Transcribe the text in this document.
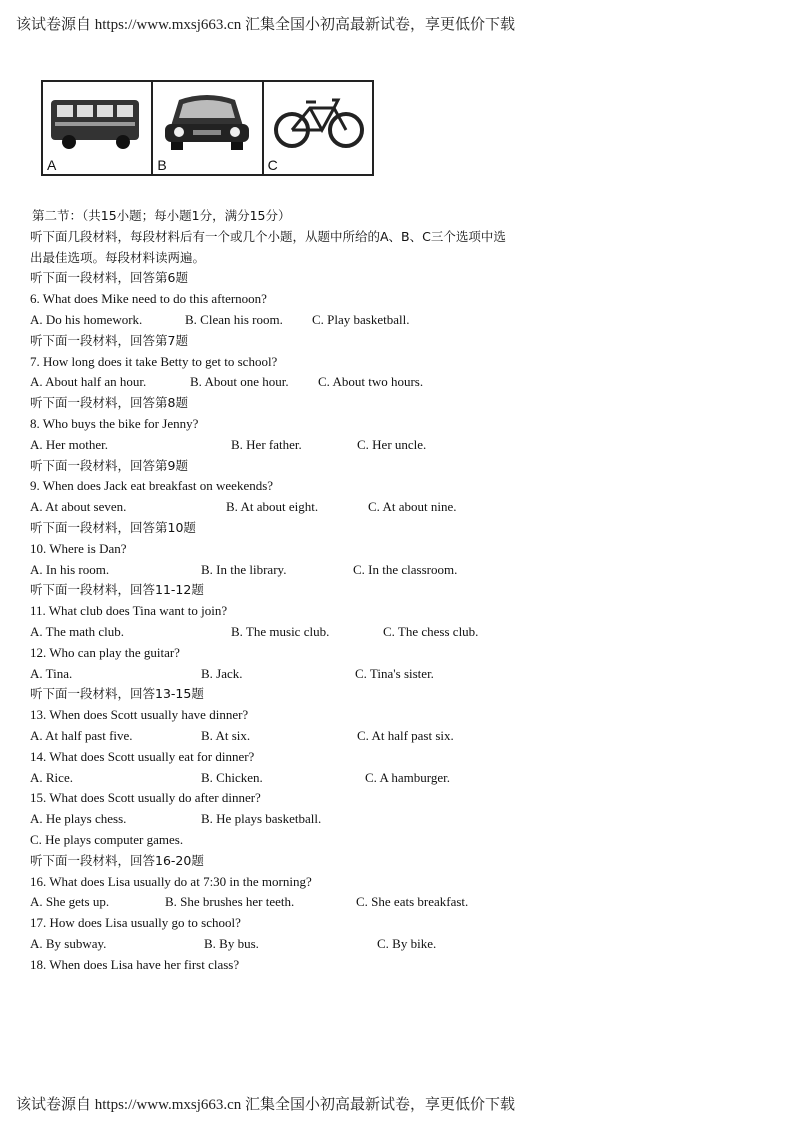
该试卷源自 https://www.mxsj663.cn 汇集全国小初高最新试卷，享更低价下载
A	B	C
第二节：（共15小题；每小题1分，满分15分）
听下面几段材料，每段材料后有一个或几个小题，从题中所给的A、B、C三个选项中选
出最佳选项。每段材料读两遍。
听下面一段材料，回答第6题
6. What does Mike need to do this afternoon?
A. Do his homework.	B. Clean his room. C. Play basketball.
听下面一段材料，回答第7题
7. How long does it take Betty to get to school?
A. About half an hour.	B. About one hour. C. About two hours.
听下面一段材料，回答第8题
8. Who buys the bike for Jenny?
A. Her mother.	B. Her father.	C. Her uncle.
听下面一段材料，回答第9题
9. When does Jack eat breakfast on weekends?
A. At about seven.	B. At about eight.	C. At about nine.
听下面一段材料，回答第10题
10. Where is Dan?
A. In his room.	B. In the library.	C. In the classroom.
听下面一段材料，回答11-12题
11. What club does Tina want to join?
A. The math club.	B. The music club.	C. The chess club.
12. Who can play the guitar?
A. Tina.	B. Jack.	C. Tina's sister.
听下面一段材料，回答13-15题
13. When does Scott usually have dinner?
A. At half past five.	B. At six.	C. At half past six.
14. What does Scott usually eat for dinner?
A. Rice.	B. Chicken.	C. A hamburger.
15. What does Scott usually do after dinner?
A. He plays chess.	B. He plays basketball.
C. He plays computer games.
听下面一段材料，回答16-20题
16. What does Lisa usually do at 7:30 in the morning?
A. She gets up.	B. She brushes her teeth.	C. She eats breakfast.
17. How does Lisa usually go to school?
A. By subway.	B. By bus.	C. By bike.
18. When does Lisa have her first class?
该试卷源自 https://www.mxsj663.cn 汇集全国小初高最新试卷，享更低价下载
